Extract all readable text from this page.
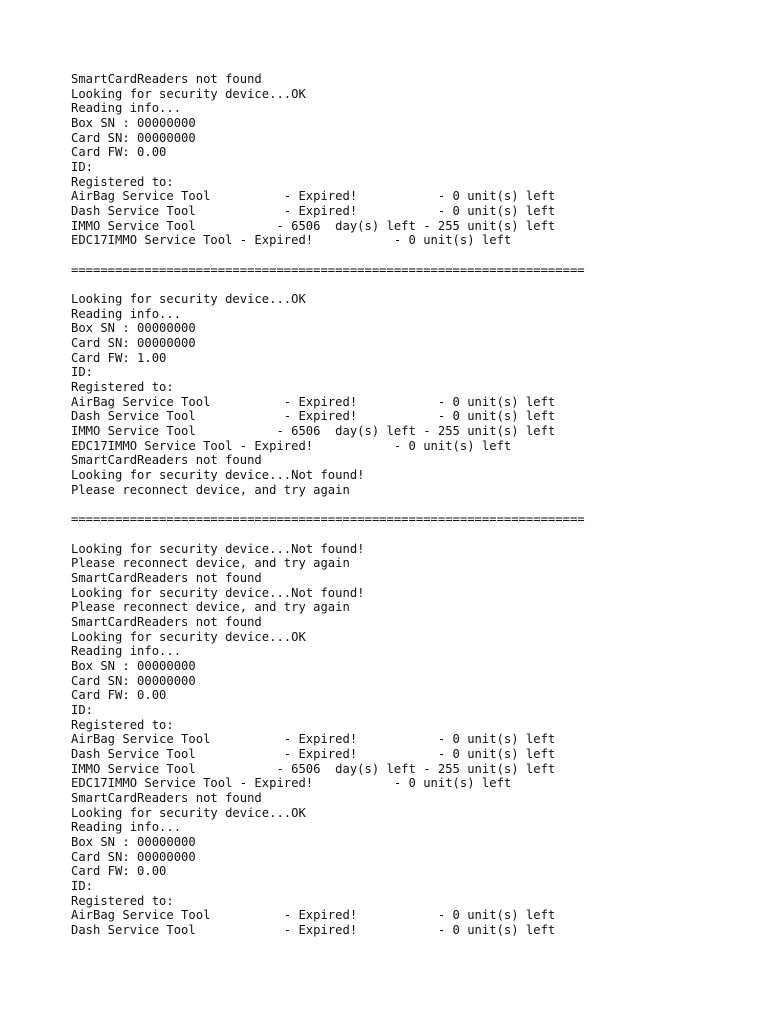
SmartCardReaders not found
Looking for security device...OK
Reading info...
Box SN : 00000000
Card SN: 00000000
Card FW: 0.00
ID:
Registered to:
AirBag Service Tool          - Expired!           - 0 unit(s) left
Dash Service Tool            - Expired!           - 0 unit(s) left
IMMO Service Tool           - 6506  day(s) left - 255 unit(s) left
EDC17IMMO Service Tool - Expired!           - 0 unit(s) left
======================================================================
Looking for security device...OK
Reading info...
Box SN : 00000000
Card SN: 00000000
Card FW: 1.00
ID:
Registered to:
AirBag Service Tool          - Expired!           - 0 unit(s) left
Dash Service Tool            - Expired!           - 0 unit(s) left
IMMO Service Tool           - 6506  day(s) left - 255 unit(s) left
EDC17IMMO Service Tool - Expired!           - 0 unit(s) left
SmartCardReaders not found
Looking for security device...Not found!
Please reconnect device, and try again
======================================================================
Looking for security device...Not found!
Please reconnect device, and try again
SmartCardReaders not found
Looking for security device...Not found!
Please reconnect device, and try again
SmartCardReaders not found
Looking for security device...OK
Reading info...
Box SN : 00000000
Card SN: 00000000
Card FW: 0.00
ID:
Registered to:
AirBag Service Tool          - Expired!           - 0 unit(s) left
Dash Service Tool            - Expired!           - 0 unit(s) left
IMMO Service Tool           - 6506  day(s) left - 255 unit(s) left
EDC17IMMO Service Tool - Expired!           - 0 unit(s) left
SmartCardReaders not found
Looking for security device...OK
Reading info...
Box SN : 00000000
Card SN: 00000000
Card FW: 0.00
ID:
Registered to:
AirBag Service Tool          - Expired!           - 0 unit(s) left
Dash Service Tool            - Expired!           - 0 unit(s) left
